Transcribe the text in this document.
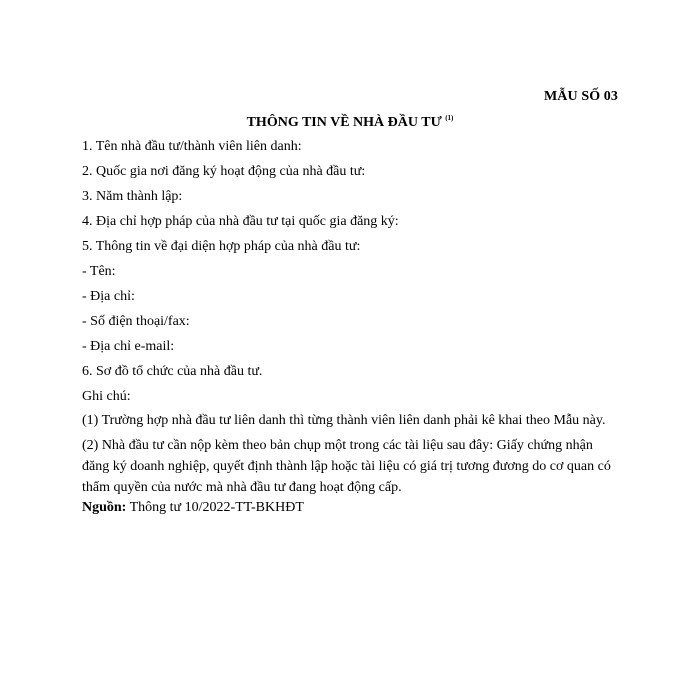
MẪU SỐ 03
THÔNG TIN VỀ NHÀ ĐẦU TƯ $^{(1)}$
1. Tên nhà đầu tư/thành viên liên danh:
2. Quốc gia nơi đăng ký hoạt động của nhà đầu tư:
3. Năm thành lập:
4. Địa chỉ hợp pháp của nhà đầu tư tại quốc gia đăng ký:
5. Thông tin về đại diện hợp pháp của nhà đầu tư:
- Tên:
- Địa chỉ:
- Số điện thoại/fax:
- Địa chỉ e-mail:
6. Sơ đồ tổ chức của nhà đầu tư.
Ghi chú:
(1) Trường hợp nhà đầu tư liên danh thì từng thành viên liên danh phải kê khai theo Mẫu này.
(2) Nhà đầu tư cần nộp kèm theo bản chụp một trong các tài liệu sau đây: Giấy chứng nhận đăng ký doanh nghiệp, quyết định thành lập hoặc tài liệu có giá trị tương đương do cơ quan có thẩm quyền của nước mà nhà đầu tư đang hoạt động cấp.
Nguồn: Thông tư 10/2022-TT-BKHĐT
